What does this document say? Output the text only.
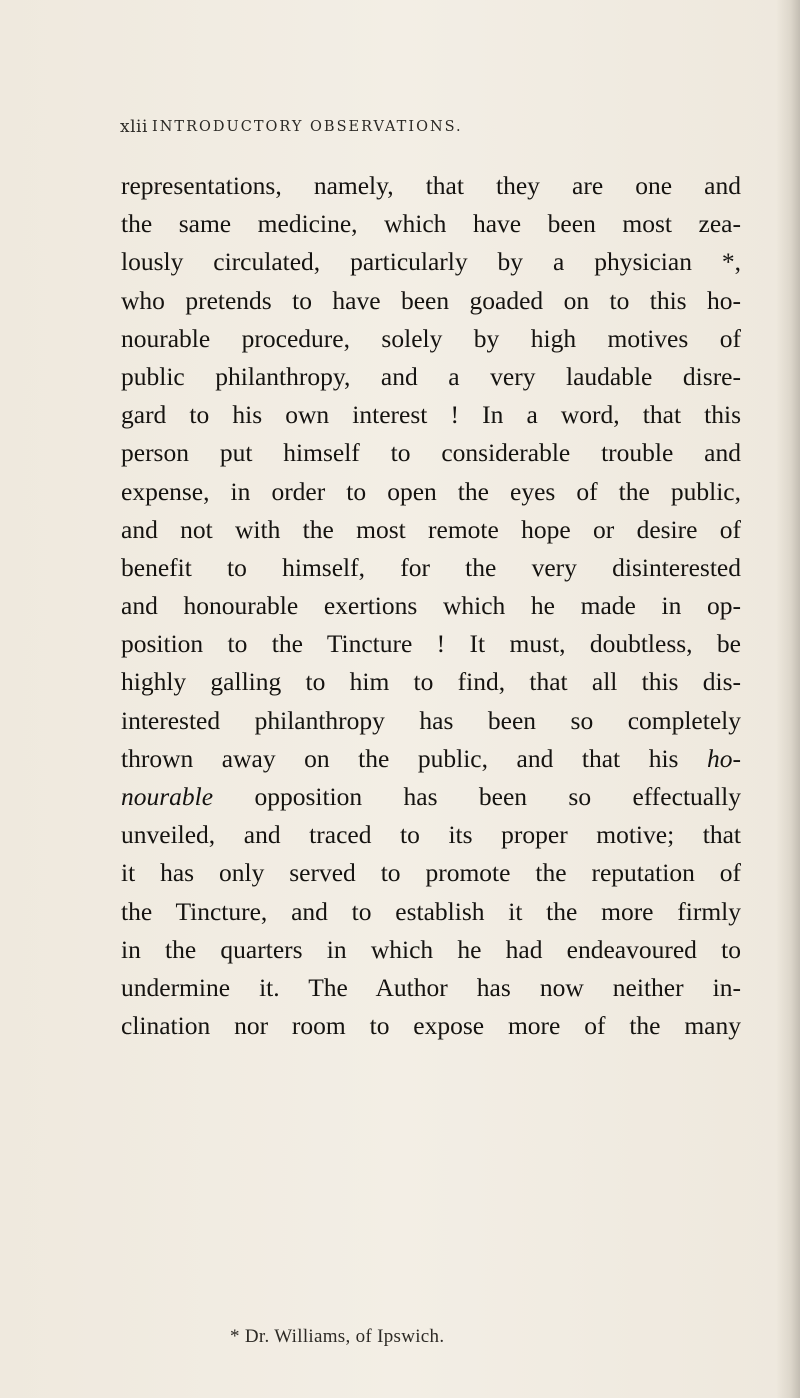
xlii INTRODUCTORY OBSERVATIONS.
representations, namely, that they are one and
the same medicine, which have been most zea-
lously circulated, particularly by a physician *,
who pretends to have been goaded on to this ho-
nourable procedure, solely by high motives of
public philanthropy, and a very laudable disre-
gard to his own interest ! In a word, that this
person put himself to considerable trouble and
expense, in order to open the eyes of the public,
and not with the most remote hope or desire of
benefit to himself, for the very disinterested
and honourable exertions which he made in op-
position to the Tincture ! It must, doubtless, be
highly galling to him to find, that all this dis-
interested philanthropy has been so completely
thrown away on the public, and that his ho-
nourable opposition has been so effectually
unveiled, and traced to its proper motive; that
it has only served to promote the reputation of
the Tincture, and to establish it the more firmly
in the quarters in which he had endeavoured to
undermine it. The Author has now neither in-
clination nor room to expose more of the many
* Dr. Williams, of Ipswich.
